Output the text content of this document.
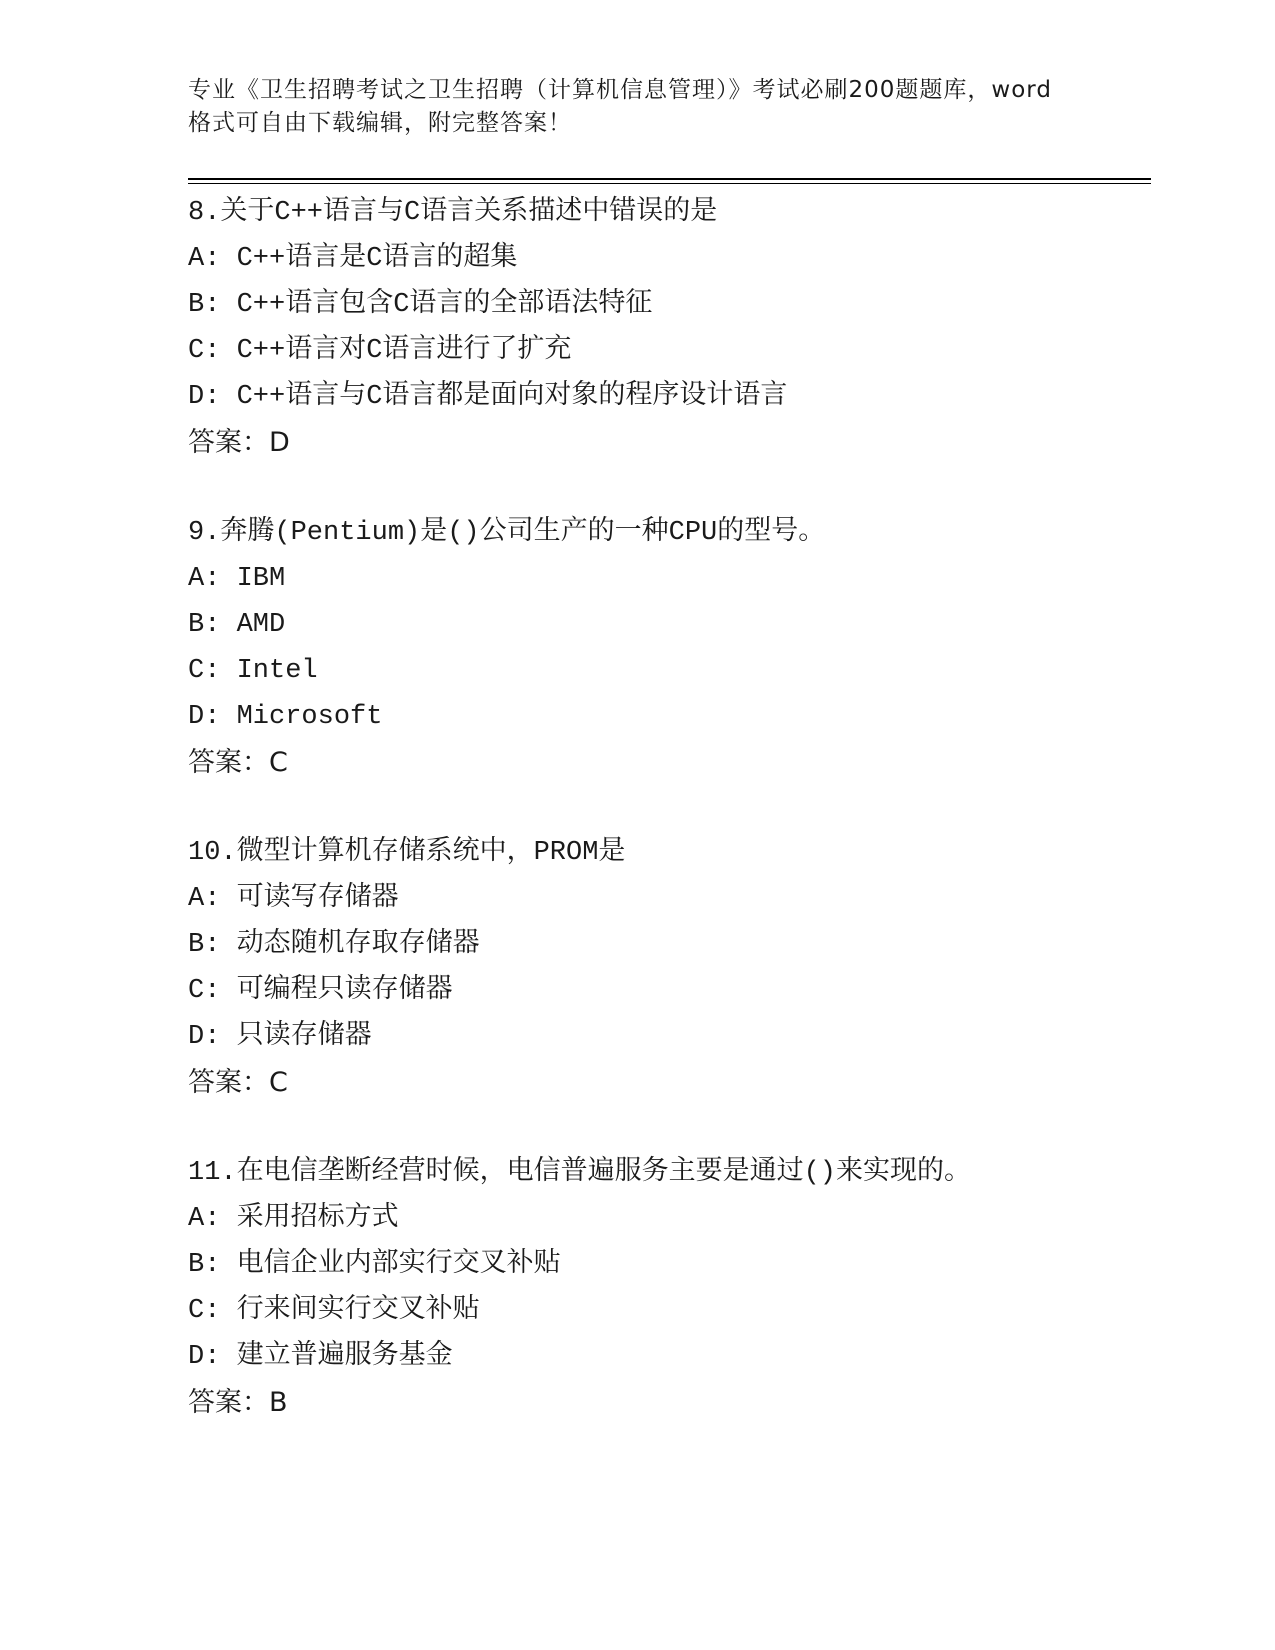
专业《卫生招聘考试之卫生招聘（计算机信息管理）》考试必刷200题题库，word
格式可自由下载编辑，附完整答案！
8.关于C++语言与C语言关系描述中错误的是
A: C++语言是C语言的超集
B: C++语言包含C语言的全部语法特征
C: C++语言对C语言进行了扩充
D: C++语言与C语言都是面向对象的程序设计语言
答案：D
9.奔腾(Pentium)是()公司生产的一种CPU的型号。
A: IBM
B: AMD
C: Intel
D: Microsoft
答案：C
10.微型计算机存储系统中，PROM是
A: 可读写存储器
B: 动态随机存取存储器
C: 可编程只读存储器
D: 只读存储器
答案：C
11.在电信垄断经营时候，电信普遍服务主要是通过()来实现的。
A: 采用招标方式
B: 电信企业内部实行交叉补贴
C: 行来间实行交叉补贴
D: 建立普遍服务基金
答案：B
